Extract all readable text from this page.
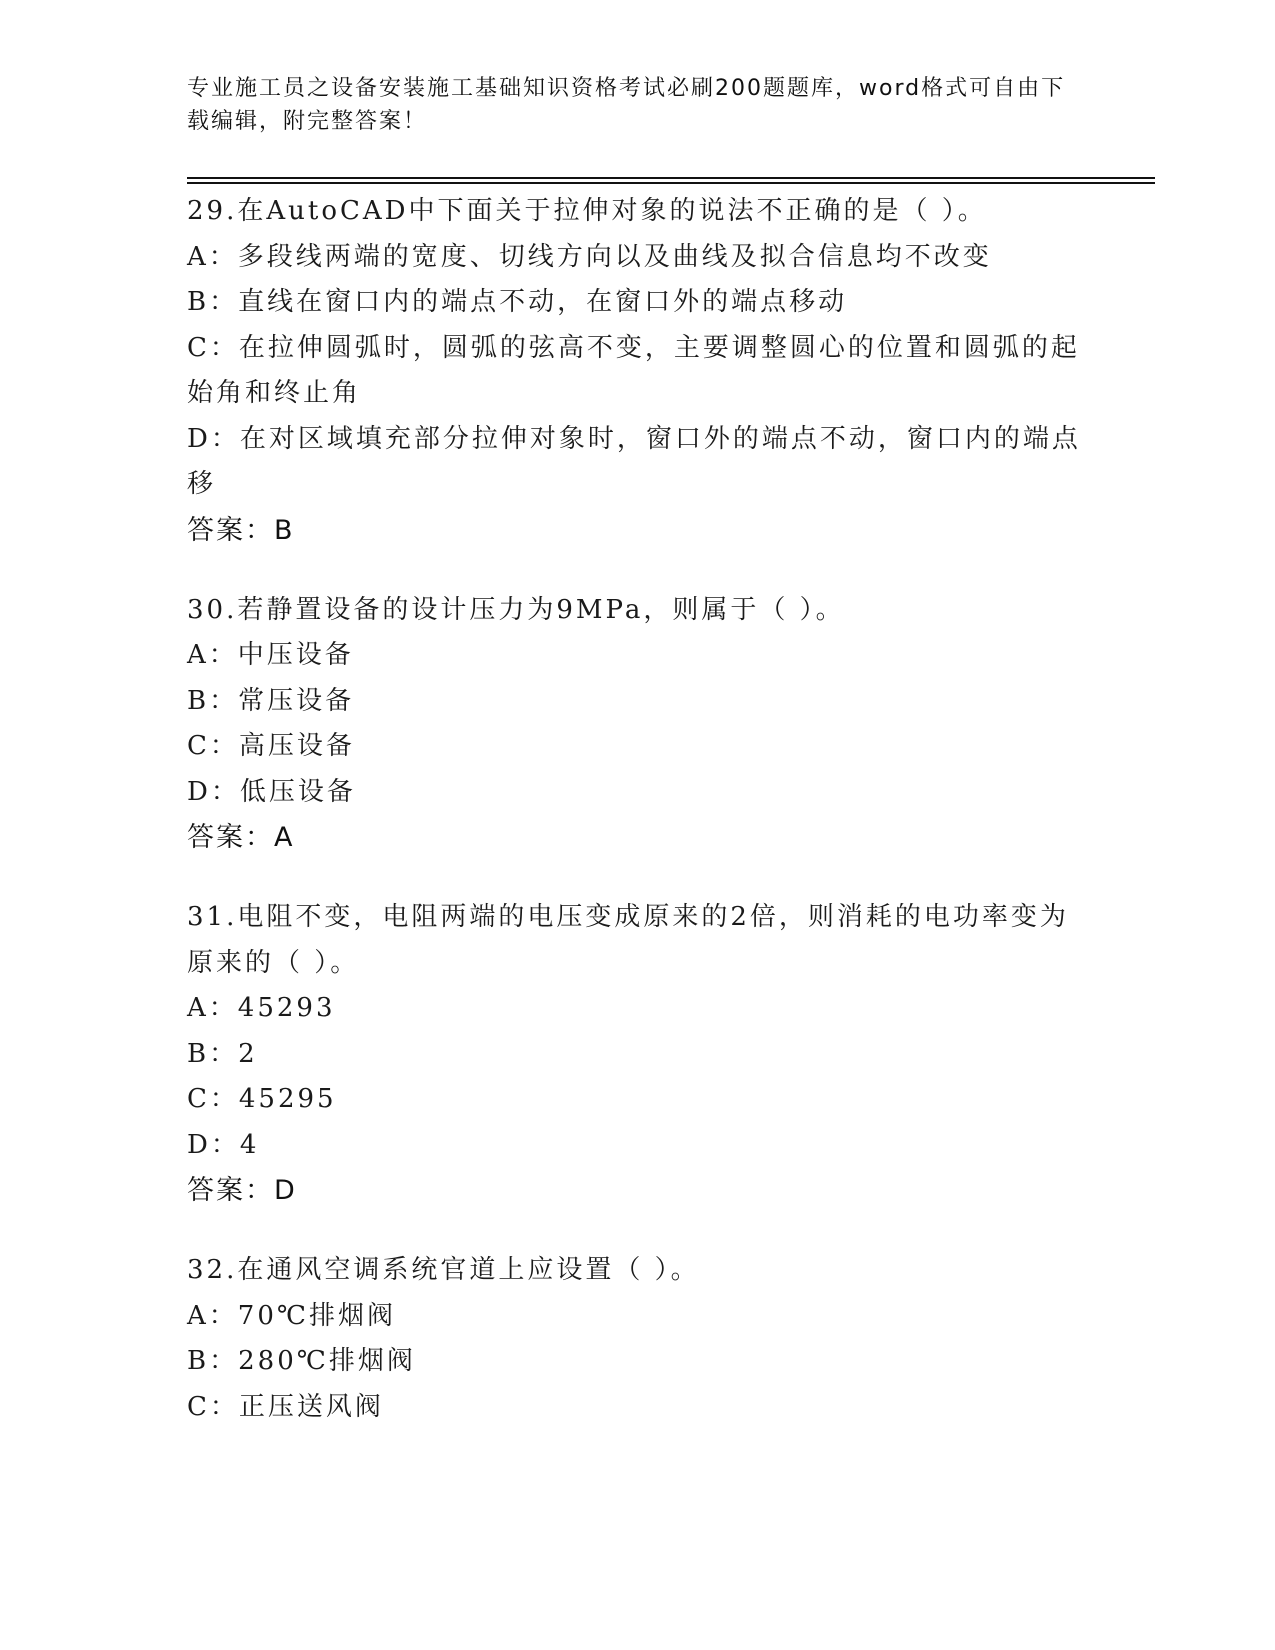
专业施工员之设备安装施工基础知识资格考试必刷200题题库，word格式可自由下载编辑，附完整答案！
29.在AutoCAD中下面关于拉伸对象的说法不正确的是（ ）。
A：多段线两端的宽度、切线方向以及曲线及拟合信息均不改变
B：直线在窗口内的端点不动，在窗口外的端点移动
C：在拉伸圆弧时，圆弧的弦高不变，主要调整圆心的位置和圆弧的起
始角和终止角
D：在对区域填充部分拉伸对象时，窗口外的端点不动，窗口内的端点
移
答案：B
30.若静置设备的设计压力为9MPa，则属于（ ）。
A：中压设备
B：常压设备
C：高压设备
D：低压设备
答案：A
31.电阻不变，电阻两端的电压变成原来的2倍，则消耗的电功率变为
原来的（ ）。
A：45293
B：2
C：45295
D：4
答案：D
32.在通风空调系统官道上应设置（ ）。
A：70℃排烟阀
B：280℃排烟阀
C：正压送风阀
